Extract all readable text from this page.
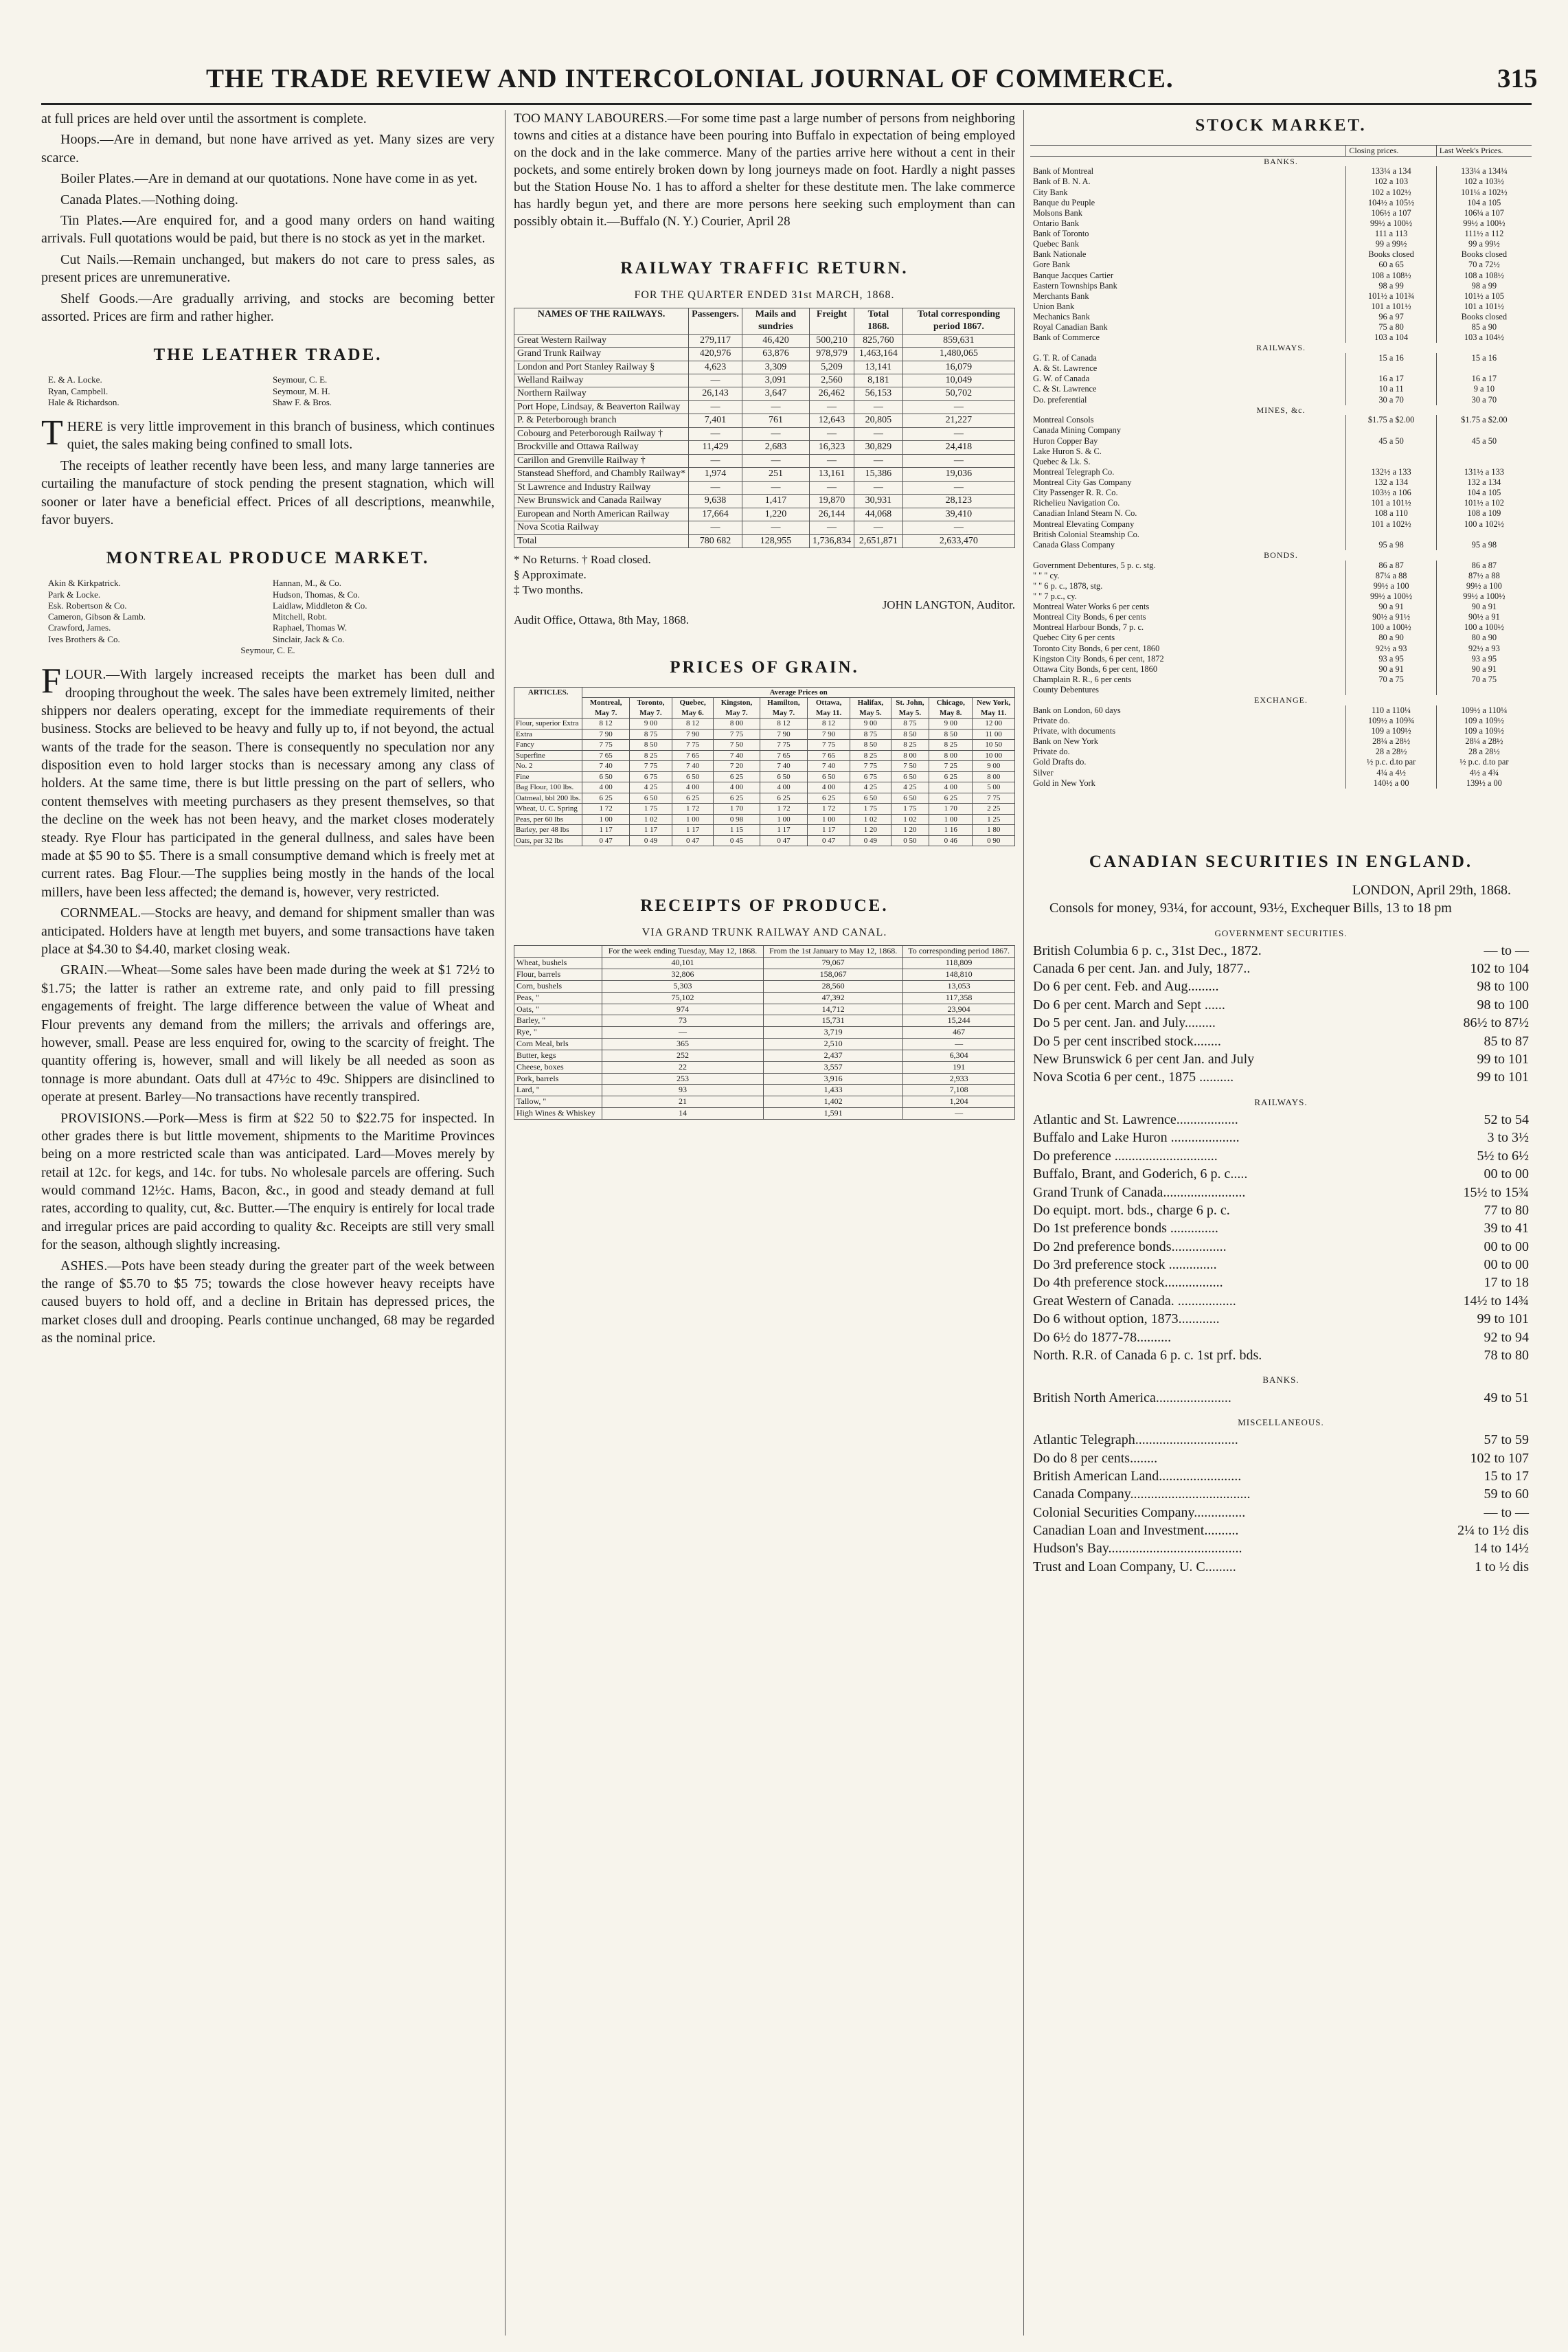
THE TRADE REVIEW AND INTERCOLONIAL JOURNAL OF COMMERCE.	315

at full prices are held over until the assortment is complete.

Hoops.—Are in demand, but none have arrived as yet. Many sizes are very scarce.

Boiler Plates.—Are in demand at our quotations. None have come in as yet.

Canada Plates.—Nothing doing.

Tin Plates.—Are enquired for, and a good many orders on hand waiting arrivals. Full quotations would be paid, but there is no stock as yet in the market.

Cut Nails.—Remain unchanged, but makers do not care to press sales, as present prices are unremunerative.

Shelf Goods.—Are gradually arriving, and stocks are becoming better assorted. Prices are firm and rather higher.

THE LEATHER TRADE.
E. & A. Locke.	Seymour, C. E.
Ryan, Campbell.	Seymour, M. H.
Hale & Richardson.	Shaw F. & Bros.

THERE is very little improvement in this branch of business, which continues quiet, the sales making being confined to small lots.

The receipts of leather recently have been less, and many large tanneries are curtailing the manufacture of stock pending the present stagnation, which will sooner or later have a beneficial effect. Prices of all descriptions, meanwhile, favor buyers.

MONTREAL PRODUCE MARKET.
Akin & Kirkpatrick.	Hannan, M., & Co.
Park & Locke.	Hudson, Thomas, & Co.
Esk. Robertson & Co.	Laidlaw, Middleton & Co.
Cameron, Gibson & Lamb.	Mitchell, Robt.
Crawford, James.	Raphael, Thomas W.
Ives Brothers & Co.	Sinclair, Jack & Co.
Seymour, C. E.

FLOUR.—With largely increased receipts the market has been dull and drooping throughout the week. The sales have been extremely limited, neither shippers nor dealers operating, except for the immediate requirements of their business. Stocks are believed to be heavy and fully up to, if not beyond, the actual wants of the trade for the season. There is consequently no speculation nor any disposition even to hold larger stocks than is necessary among any class of holders. At the same time, there is but little pressing on the part of sellers, who content themselves with meeting purchasers as they present themselves, so that the decline on the week has not been heavy, and the market closes moderately steady. Rye Flour has participated in the general dullness, and sales have been made at $5 90 to $5. There is a small consumptive demand which is freely met at current rates. Bag Flour.—The supplies being mostly in the hands of the local millers, have been less affected; the demand is, however, very restricted.

CORNMEAL.—Stocks are heavy, and demand for shipment smaller than was anticipated. Holders have at length met buyers, and some transactions have taken place at $4.30 to $4.40, market closing weak.

GRAIN.—Wheat—Some sales have been made during the week at $1 72½ to $1.75; the latter is rather an extreme rate, and only paid to fill pressing engagements of freight. The large difference between the value of Wheat and Flour prevents any demand from the millers; the arrivals and offerings are, however, small. Pease are less enquired for, owing to the scarcity of freight. The quantity offering is, however, small and will likely be all needed as soon as tonnage is more abundant. Oats dull at 47½c to 49c. Shippers are disinclined to operate at present. Barley—No transactions have recently transpired.

PROVISIONS.—Pork—Mess is firm at $22 50 to $22.75 for inspected. In other grades there is but little movement, shipments to the Maritime Provinces being on a more restricted scale than was anticipated. Lard—Moves merely by retail at 12c. for kegs, and 14c. for tubs. No wholesale parcels are offering. Such would command 12½c. Hams, Bacon, &c., in good and steady demand at full rates, according to quality, cut, &c. Butter.—The enquiry is entirely for local trade and irregular prices are paid according to quality &c. Receipts are still very small for the season, although slightly increasing.

ASHES.—Pots have been steady during the greater part of the week between the range of $5.70 to $5 75; towards the close however heavy receipts have caused buyers to hold off, and a decline in Britain has depressed prices, the market closes dull and drooping. Pearls continue unchanged, 68 may be regarded as the nominal price.

TOO MANY LABOURERS.—For some time past a large number of persons from neighboring towns and cities at a distance have been pouring into Buffalo in expectation of being employed on the dock and in the lake commerce. Many of the parties arrive here without a cent in their pockets, and some entirely broken down by long journeys made on foot. Hardly a night passes but the Station House No. 1 has to afford a shelter for these destitute men. The lake commerce has hardly begun yet, and there are more persons here seeking such employment than can possibly obtain it.—Buffalo (N. Y.) Courier, April 28

RAILWAY TRAFFIC RETURN.
FOR THE QUARTER ENDED 31st MARCH, 1868.
NAMES OF THE RAILWAYS.	Passengers.	Mails and sundries	Freight	Total 1868.	Total corresponding period 1867.
Great Western Railway	279,117	46,420	500,210	825,760	859,631
Grand Trunk Railway	420,976	63,876	978,979	1,463,164	1,480,065
London and Port Stanley Railway §	4,623	3,309	5,209	13,141	16,079
Welland Railway	—	3,091	2,560	8,181	10,049
Northern Railway	26,143	3,647	26,462	56,153	50,702
Port Hope, Lindsay, & Beaverton Railway	—	—	—	—	—
P. & Peterborough branch	7,401	761	12,643	20,805	21,227
Cobourg and Peterborough Railway †	—	—	—	—	—
Brockville and Ottawa Railway	11,429	2,683	16,323	30,829	24,418
Carillon and Grenville Railway †	—	—	—	—	—
Stanstead Shefford, and Chambly Railway*	1,974	251	13,161	15,386	19,036
St Lawrence and Industry Railway	—	—	—	—	—
New Brunswick and Canada Railway	9,638	1,417	19,870	30,931	28,123
European and North American Railway	17,664	1,220	26,144	44,068	39,410
Nova Scotia Railway	—	—	—	—	—
Total	780 682	128,955	1,736,834	2,651,871	2,633,470
* No Returns. † Road closed.
§ Approximate.
‡ Two months.
JOHN LANGTON, Auditor.
Audit Office, Ottawa, 8th May, 1868.
PRICES OF GRAIN.
ARTICLES.	Average Prices on									
	Montreal, May 7.	Toronto, May 7.	Quebec, May 6.	Kingston, May 7.	Hamilton, May 7.	Ottawa, May 11.	Halifax, May 5.	St. John, May 5.	Chicago, May 8.	New York, May 11.
Flour, superior Extra	8 12	9 00	8 12	8 00	8 12	8 12	9 00	8 75	9 00	12 00
Extra	7 90	8 75	7 90	7 75	7 90	7 90	8 75	8 50	8 50	11 00
Fancy	7 75	8 50	7 75	7 50	7 75	7 75	8 50	8 25	8 25	10 50
Superfine	7 65	8 25	7 65	7 40	7 65	7 65	8 25	8 00	8 00	10 00
No. 2	7 40	7 75	7 40	7 20	7 40	7 40	7 75	7 50	7 25	9 00
Fine	6 50	6 75	6 50	6 25	6 50	6 50	6 75	6 50	6 25	8 00
Bag Flour, 100 lbs.	4 00	4 25	4 00	4 00	4 00	4 00	4 25	4 25	4 00	5 00
Oatmeal, bbl 200 lbs.	6 25	6 50	6 25	6 25	6 25	6 25	6 50	6 50	6 25	7 75
Wheat, U. C. Spring	1 72	1 75	1 72	1 70	1 72	1 72	1 75	1 75	1 70	2 25
Peas, per 60 lbs	1 00	1 02	1 00	0 98	1 00	1 00	1 02	1 02	1 00	1 25
Barley, per 48 lbs	1 17	1 17	1 17	1 15	1 17	1 17	1 20	1 20	1 16	1 80
Oats, per 32 lbs	0 47	0 49	0 47	0 45	0 47	0 47	0 49	0 50	0 46	0 90
RECEIPTS OF PRODUCE.
VIA GRAND TRUNK RAILWAY AND CANAL.
	For the week ending Tuesday, May 12, 1868.	From the 1st January to May 12, 1868.	To corresponding period 1867.
Wheat, bushels	40,101	79,067	118,809
Flour, barrels	32,806	158,067	148,810
Corn, bushels	5,303	28,560	13,053
Peas, "	75,102	47,392	117,358
Oats, "	974	14,712	23,904
Barley, "	73	15,731	15,244
Rye, "	—	3,719	467
Corn Meal, brls	365	2,510	—
Butter, kegs	252	2,437	6,304
Cheese, boxes	22	3,557	191
Pork, barrels	253	3,916	2,933
Lard, "	93	1,433	7,108
Tallow, "	21	1,402	1,204
High Wines & Whiskey	14	1,591	—
STOCK MARKET.
	Closing prices.	Last Week's Prices.
BANKS.		
Bank of Montreal	133¼ a 134	133¼ a 134¼
Bank of B. N. A.	102 a 103	102 a 103½
City Bank	102 a 102½	101¼ a 102½
Banque du Peuple	104½ a 105½	104 a 105
Molsons Bank	106½ a 107	106¼ a 107
Ontario Bank	99½ a 100½	99½ a 100½
Bank of Toronto	111 a 113	111½ a 112
Quebec Bank	99 a 99½	99 a 99½
Bank Nationale	Books closed	Books closed
Gore Bank	60 a 65	70 a 72½
Banque Jacques Cartier	108 a 108½	108 a 108½
Eastern Townships Bank	98 a 99	98 a 99
Merchants Bank	101½ a 101¾	101½ a 105
Union Bank	101 a 101½	101 a 101½
Mechanics Bank	96 a 97	Books closed
Royal Canadian Bank	75 a 80	85 a 90
Bank of Commerce	103 a 104	103 a 104½
RAILWAYS.		
G. T. R. of Canada	15 a 16	15 a 16
A. & St. Lawrence		
G. W. of Canada	16 a 17	16 a 17
C. & St. Lawrence	10 a 11	9 a 10
Do. preferential	30 a 70	30 a 70
MINES, &c.		
Montreal Consols	$1.75 a $2.00	$1.75 a $2.00
Canada Mining Company		
Huron Copper Bay	45 a 50	45 a 50
Lake Huron S. & C.		
Quebec & Lk. S.		
Montreal Telegraph Co.	132½ a 133	131½ a 133
Montreal City Gas Company	132 a 134	132 a 134
City Passenger R. R. Co.	103½ a 106	104 a 105
Richelieu Navigation Co.	101 a 101½	101½ a 102
Canadian Inland Steam N. Co.	108 a 110	108 a 109
Montreal Elevating Company	101 a 102½	100 a 102½
British Colonial Steamship Co.		
Canada Glass Company	95 a 98	95 a 98
BONDS.		
Government Debentures, 5 p. c. stg.	86 a 87	86 a 87
" " " cy.	87¼ a 88	87½ a 88
" " 6 p. c., 1878, stg.	99½ a 100	99½ a 100
" " 7 p.c., cy.	99½ a 100½	99½ a 100½
Montreal Water Works 6 per cents	90 a 91	90 a 91
Montreal City Bonds, 6 per cents	90½ a 91½	90½ a 91
Montreal Harbour Bonds, 7 p. c.	100 a 100½	100 a 100½
Quebec City 6 per cents	80 a 90	80 a 90
Toronto City Bonds, 6 per cent, 1860	92½ a 93	92½ a 93
Kingston City Bonds, 6 per cent, 1872	93 a 95	93 a 95
Ottawa City Bonds, 6 per cent, 1860	90 a 91	90 a 91
Champlain R. R., 6 per cents	70 a 75	70 a 75
County Debentures		
EXCHANGE.		
Bank on London, 60 days	110 a 110¼	109½ a 110¼
Private do.	109½ a 109¾	109 a 109½
Private, with documents	109 a 109½	109 a 109½
Bank on New York	28¼ a 28½	28¼ a 28½
Private do.	28 a 28½	28 a 28½
Gold Drafts do.	½ p.c. d.to par	½ p.c. d.to par
Silver	4¼ a 4½	4½ a 4¾
Gold in New York	140½ a 00	139½ a 00
CANADIAN SECURITIES IN ENGLAND.
LONDON, April 29th, 1868.

Consols for money, 93¼, for account, 93½, Exchequer Bills, 13 to 18 pm

GOVERNMENT SECURITIES.
British Columbia 6 p. c., 31st Dec., 1872.	— to —
Canada 6 per cent. Jan. and July, 1877..	102 to 104
Do 6 per cent. Feb. and Aug.........	98 to 100
Do 6 per cent. March and Sept ......	98 to 100
Do 5 per cent. Jan. and July.........	86½ to 87½
Do 5 per cent inscribed stock........	85 to 87
New Brunswick 6 per cent Jan. and July	99 to 101
Nova Scotia 6 per cent., 1875 ..........	99 to 101
RAILWAYS.
Atlantic and St. Lawrence..................	52 to 54
Buffalo and Lake Huron ....................	3 to 3½
Do preference ..............................	5½ to 6½
Buffalo, Brant, and Goderich, 6 p. c.....	00 to 00
Grand Trunk of Canada........................	15½ to 15¾
Do equipt. mort. bds., charge 6 p. c.	77 to 80
Do 1st preference bonds ..............	39 to 41
Do 2nd preference bonds................	00 to 00
Do 3rd preference stock ..............	00 to 00
Do 4th preference stock.................	17 to 18
Great Western of Canada. .................	14½ to 14¾
Do 6 without option, 1873............	99 to 101
Do 6½ do 1877-78..........	92 to 94
North. R.R. of Canada 6 p. c. 1st prf. bds.	78 to 80
BANKS.
British North America......................	49 to 51
MISCELLANEOUS.
Atlantic Telegraph..............................	57 to 59
Do do 8 per cents........	102 to 107
British American Land........................	15 to 17
Canada Company...................................	59 to 60
Colonial Securities Company...............	— to —
Canadian Loan and Investment..........	2¼ to 1½ dis
Hudson's Bay.......................................	14 to 14½
Trust and Loan Company, U. C.........	1 to ½ dis
